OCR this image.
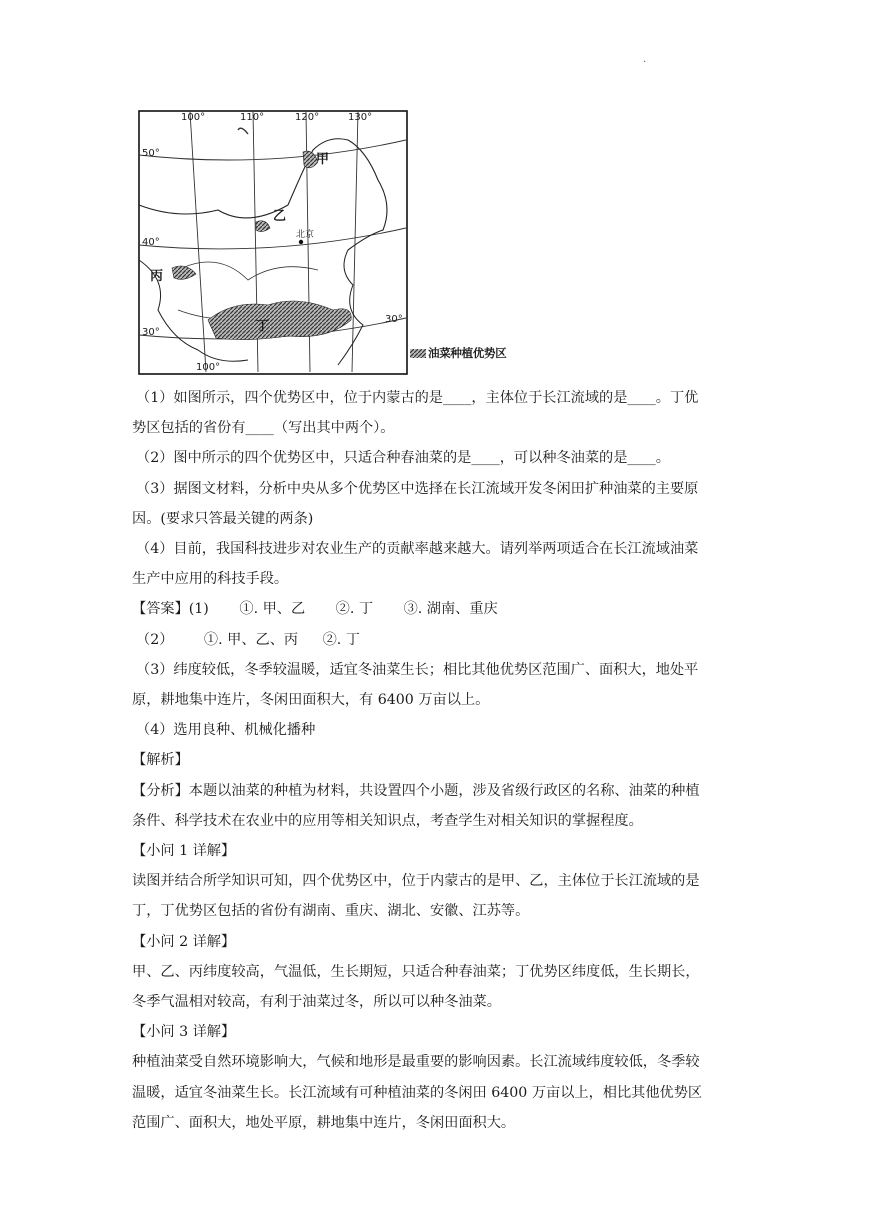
.
100°	110°	120°	130°
100°
50°
40°
30°
30°
甲
乙
丙
丁
北京
油菜种植优势区

（1）如图所示，四个优势区中，位于内蒙古的是____，主体位于长江流域的是____。丁优

势区包括的省份有____（写出其中两个）。

（2）图中所示的四个优势区中，只适合种春油菜的是____，可以种冬油菜的是____。

（3）据图文材料，分析中央从多个优势区中选择在长江流域开发冬闲田扩种油菜的主要原

因。(要求只答最关键的两条)

（4）目前，我国科技进步对农业生产的贡献率越来越大。请列举两项适合在长江流域油菜

生产中应用的科技手段。

【答案】(1) ①. 甲、乙 ②. 丁 ③. 湖南、重庆

（2） ①. 甲、乙、丙 ②. 丁

（3）纬度较低，冬季较温暖，适宜冬油菜生长；相比其他优势区范围广、面积大，地处平

原，耕地集中连片，冬闲田面积大，有 6400 万亩以上。

（4）选用良种、机械化播种

【解析】

【分析】本题以油菜的种植为材料，共设置四个小题，涉及省级行政区的名称、油菜的种植

条件、科学技术在农业中的应用等相关知识点，考查学生对相关知识的掌握程度。

【小问 1 详解】

读图并结合所学知识可知，四个优势区中，位于内蒙古的是甲、乙，主体位于长江流域的是

丁，丁优势区包括的省份有湖南、重庆、湖北、安徽、江苏等。

【小问 2 详解】

甲、乙、丙纬度较高，气温低，生长期短，只适合种春油菜；丁优势区纬度低，生长期长，

冬季气温相对较高，有利于油菜过冬，所以可以种冬油菜。

【小问 3 详解】

种植油菜受自然环境影响大，气候和地形是最重要的影响因素。长江流域纬度较低，冬季较

温暖，适宜冬油菜生长。长江流域有可种植油菜的冬闲田 6400 万亩以上，相比其他优势区

范围广、面积大，地处平原，耕地集中连片，冬闲田面积大。
